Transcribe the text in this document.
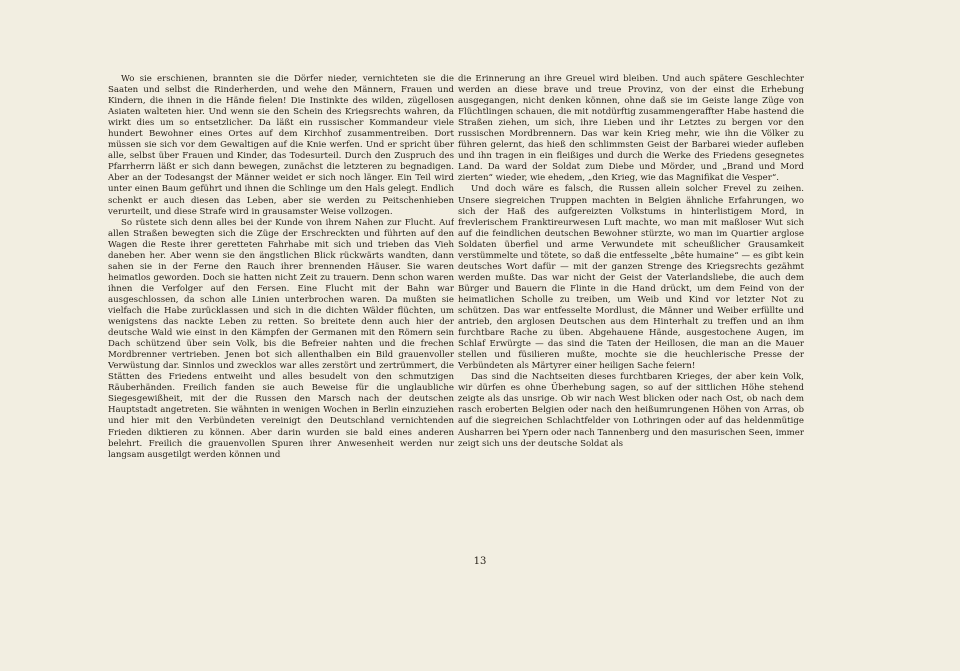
Wo sie erschienen, brannten sie die Dörfer nieder, vernichteten sie die Saaten und selbst die Rinderherden, und wehe den Männern, Frauen und Kindern, die ihnen in die Hände fielen! Die Instinkte des wilden, zügellosen Asiaten walteten hier. Und wenn sie den Schein des Kriegsrechts wahren, da wirkt dies um so entsetzlicher. Da läßt ein russischer Kommandeur viele hundert Bewohner eines Ortes auf dem Kirchhof zusammentreiben. Dort müssen sie sich vor dem Gewaltigen auf die Knie werfen. Und er spricht über alle, selbst über Frauen und Kinder, das Todesurteil. Durch den Zuspruch des Pfarrherrn läßt er sich dann bewegen, zunächst die letzteren zu begnadigen. Aber an der Todesangst der Männer weidet er sich noch länger. Ein Teil wird unter einen Baum geführt und ihnen die Schlinge um den Hals gelegt. Endlich schenkt er auch diesen das Leben, aber sie werden zu Peitschenhieben verurteilt, und diese Strafe wird in grausamster Weise vollzogen.

So rüstete sich denn alles bei der Kunde von ihrem Nahen zur Flucht. Auf allen Straßen bewegten sich die Züge der Erschreckten und führten auf den Wagen die Reste ihrer geretteten Fahrhabe mit sich und trieben das Vieh daneben her. Aber wenn sie den ängstlichen Blick rückwärts wandten, dann sahen sie in der Ferne den Rauch ihrer brennenden Häuser. Sie waren heimatlos geworden. Doch sie hatten nicht Zeit zu trauern. Denn schon waren ihnen die Verfolger auf den Fersen. Eine Flucht mit der Bahn war ausgeschlossen, da schon alle Linien unterbrochen waren. Da mußten sie vielfach die Habe zurücklassen und sich in die dichten Wälder flüchten, um wenigstens das nackte Leben zu retten. So breitete denn auch hier der deutsche Wald wie einst in den Kämpfen der Germanen mit den Römern sein Dach schützend über sein Volk, bis die Befreier nahten und die frechen Mordbrenner vertrieben. Jenen bot sich allenthalben ein Bild grauenvoller Verwüstung dar. Sinnlos und zwecklos war alles zerstört und zertrümmert, die Stätten des Friedens entweiht und alles besudelt von den schmutzigen Räuberhänden. Freilich fanden sie auch Beweise für die unglaubliche Siegesgewißheit, mit der die Russen den Marsch nach der deutschen Hauptstadt angetreten. Sie wähnten in wenigen Wochen in Berlin einzuziehen und hier mit den Verbündeten vereinigt den Deutschland vernichtenden Frieden diktieren zu können. Aber darin wurden sie bald eines anderen belehrt. Freilich die grauenvollen Spuren ihrer Anwesenheit werden nur langsam ausgetilgt werden können und

die Erinnerung an ihre Greuel wird bleiben. Und auch spätere Geschlechter werden an diese brave und treue Provinz, von der einst die Erhebung ausgegangen, nicht denken können, ohne daß sie im Geiste lange Züge von Flüchtlingen schauen, die mit notdürftig zusammengeraffter Habe hastend die Straßen ziehen, um sich, ihre Lieben und ihr Letztes zu bergen vor den russischen Mordbrennern. Das war kein Krieg mehr, wie ihn die Völker zu führen gelernt, das hieß den schlimmsten Geist der Barbarei wieder aufleben und ihn tragen in ein fleißiges und durch die Werke des Friedens gesegnetes Land. Da ward der Soldat zum Diebe und Mörder, und „Brand und Mord zierten“ wieder, wie ehedem, „den Krieg, wie das Magnifikat die Vesper“.

Und doch wäre es falsch, die Russen allein solcher Frevel zu zeihen. Unsere siegreichen Truppen machten in Belgien ähnliche Erfahrungen, wo sich der Haß des aufgereizten Volkstums in hinterlistigem Mord, in frevlerischem Franktireurwesen Luft machte, wo man mit maßloser Wut sich auf die feindlichen deutschen Bewohner stürzte, wo man im Quartier arglose Soldaten überfiel und arme Verwundete mit scheußlicher Grausamkeit verstümmelte und tötete, so daß die entfesselte „bête humaine“ — es gibt kein deutsches Wort dafür — mit der ganzen Strenge des Kriegsrechts gezähmt werden mußte. Das war nicht der Geist der Vaterlandsliebe, die auch dem Bürger und Bauern die Flinte in die Hand drückt, um dem Feind von der heimatlichen Scholle zu treiben, um Weib und Kind vor letzter Not zu schützen. Das war entfesselte Mordlust, die Männer und Weiber erfüllte und antrieb, den arglosen Deutschen aus dem Hinterhalt zu treffen und an ihm furchtbare Rache zu üben. Abgehauene Hände, ausgestochene Augen, im Schlaf Erwürgte — das sind die Taten der Heillosen, die man an die Mauer stellen und füsilieren mußte, mochte sie die heuchlerische Presse der Verbündeten als Märtyrer einer heiligen Sache feiern!

Das sind die Nachtseiten dieses furchtbaren Krieges, der aber kein Volk, wir dürfen es ohne Überhebung sagen, so auf der sittlichen Höhe stehend zeigte als das unsrige. Ob wir nach West blicken oder nach Ost, ob nach dem rasch eroberten Belgien oder nach den heißumrungenen Höhen von Arras, ob auf die siegreichen Schlachtfelder von Lothringen oder auf das heldenmütige Ausharren bei Ypern oder nach Tannenberg und den masurischen Seen, immer zeigt sich uns der deutsche Soldat als

13
